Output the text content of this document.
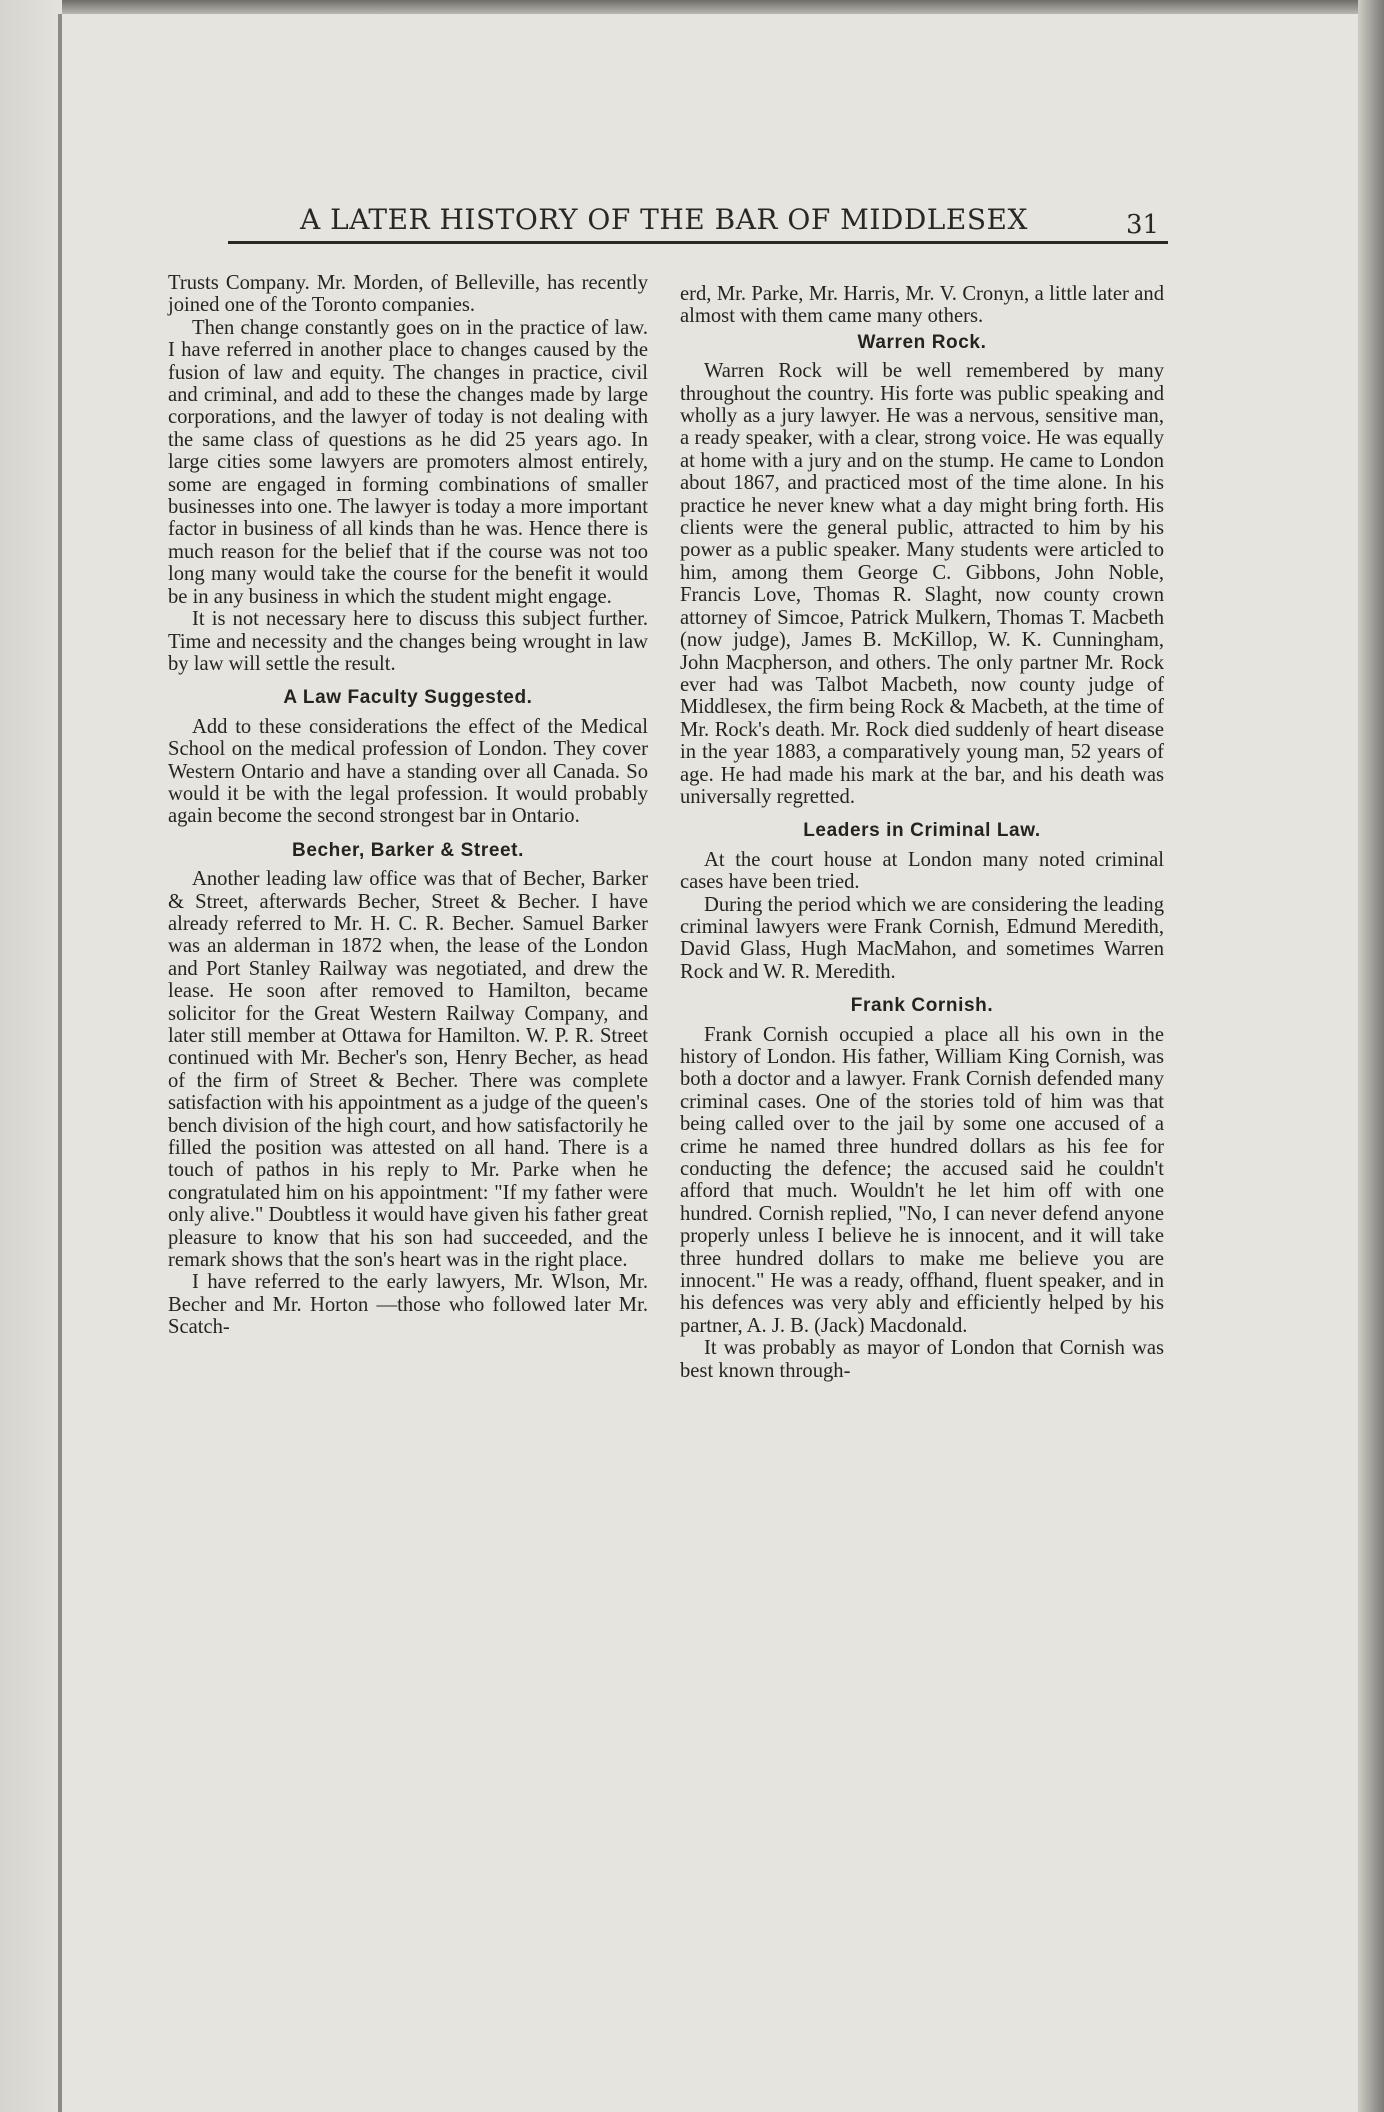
A LATER HISTORY OF THE BAR OF MIDDLESEX	31

Trusts Company. Mr. Morden, of Belleville, has recently joined one of the Toronto companies.

Then change constantly goes on in the practice of law. I have referred in another place to changes caused by the fusion of law and equity. The changes in practice, civil and criminal, and add to these the changes made by large corporations, and the lawyer of today is not dealing with the same class of questions as he did 25 years ago. In large cities some lawyers are promoters almost entirely, some are engaged in forming combinations of smaller businesses into one. The lawyer is today a more important factor in business of all kinds than he was. Hence there is much reason for the belief that if the course was not too long many would take the course for the benefit it would be in any business in which the student might engage.

It is not necessary here to discuss this subject further. Time and necessity and the changes being wrought in law by law will settle the result.

A Law Faculty Suggested.

Add to these considerations the effect of the Medical School on the medical profession of London. They cover Western Ontario and have a standing over all Canada. So would it be with the legal profession. It would probably again become the second strongest bar in Ontario.

Becher, Barker & Street.

Another leading law office was that of Becher, Barker & Street, afterwards Becher, Street & Becher. I have already referred to Mr. H. C. R. Becher. Samuel Barker was an alderman in 1872 when, the lease of the London and Port Stanley Railway was negotiated, and drew the lease. He soon after removed to Hamilton, became solicitor for the Great Western Railway Company, and later still member at Ottawa for Hamilton. W. P. R. Street continued with Mr. Becher's son, Henry Becher, as head of the firm of Street & Becher. There was complete satisfaction with his appointment as a judge of the queen's bench division of the high court, and how satisfactorily he filled the position was attested on all hand. There is a touch of pathos in his reply to Mr. Parke when he congratulated him on his appointment: "If my father were only alive." Doubtless it would have given his father great pleasure to know that his son had succeeded, and the remark shows that the son's heart was in the right place.

I have referred to the early lawyers, Mr. Wlson, Mr. Becher and Mr. Horton —those who followed later Mr. Scatch-

erd, Mr. Parke, Mr. Harris, Mr. V. Cronyn, a little later and almost with them came many others.

Warren Rock.

Warren Rock will be well remembered by many throughout the country. His forte was public speaking and wholly as a jury lawyer. He was a nervous, sensitive man, a ready speaker, with a clear, strong voice. He was equally at home with a jury and on the stump. He came to London about 1867, and practiced most of the time alone. In his practice he never knew what a day might bring forth. His clients were the general public, attracted to him by his power as a public speaker. Many students were articled to him, among them George C. Gibbons, John Noble, Francis Love, Thomas R. Slaght, now county crown attorney of Simcoe, Patrick Mulkern, Thomas T. Macbeth (now judge), James B. McKillop, W. K. Cunningham, John Macpherson, and others. The only partner Mr. Rock ever had was Talbot Macbeth, now county judge of Middlesex, the firm being Rock & Macbeth, at the time of Mr. Rock's death. Mr. Rock died suddenly of heart disease in the year 1883, a comparatively young man, 52 years of age. He had made his mark at the bar, and his death was universally regretted.

Leaders in Criminal Law.

At the court house at London many noted criminal cases have been tried.

During the period which we are considering the leading criminal lawyers were Frank Cornish, Edmund Meredith, David Glass, Hugh MacMahon, and sometimes Warren Rock and W. R. Meredith.

Frank Cornish.

Frank Cornish occupied a place all his own in the history of London. His father, William King Cornish, was both a doctor and a lawyer. Frank Cornish defended many criminal cases. One of the stories told of him was that being called over to the jail by some one accused of a crime he named three hundred dollars as his fee for conducting the defence; the accused said he couldn't afford that much. Wouldn't he let him off with one hundred. Cornish replied, "No, I can never defend anyone properly unless I believe he is innocent, and it will take three hundred dollars to make me believe you are innocent." He was a ready, offhand, fluent speaker, and in his defences was very ably and efficiently helped by his partner, A. J. B. (Jack) Macdonald.

It was probably as mayor of London that Cornish was best known through-
